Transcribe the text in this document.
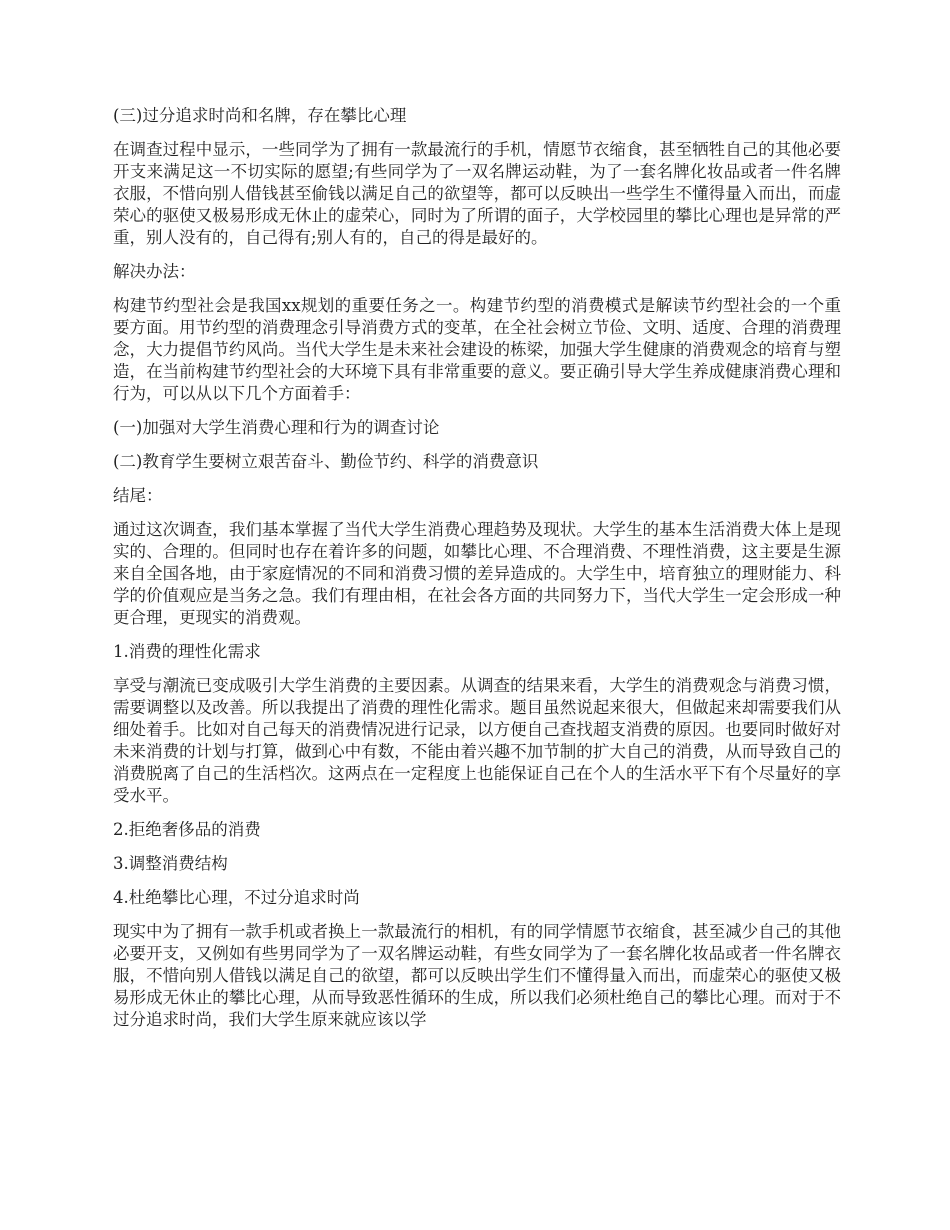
(三)过分追求时尚和名牌，存在攀比心理

在调查过程中显示，一些同学为了拥有一款最流行的手机，情愿节衣缩食，甚至牺牲自己的其他必要开支来满足这一不切实际的愿望;有些同学为了一双名牌运动鞋，为了一套名牌化妆品或者一件名牌衣服，不惜向别人借钱甚至偷钱以满足自己的欲望等，都可以反映出一些学生不懂得量入而出，而虚荣心的驱使又极易形成无休止的虚荣心，同时为了所谓的面子，大学校园里的攀比心理也是异常的严重，别人没有的，自己得有;别人有的，自己的得是最好的。

解决办法：

构建节约型社会是我国xx规划的重要任务之一。构建节约型的消费模式是解读节约型社会的一个重要方面。用节约型的消费理念引导消费方式的变革，在全社会树立节俭、文明、适度、合理的消费理念，大力提倡节约风尚。当代大学生是未来社会建设的栋梁，加强大学生健康的消费观念的培育与塑造，在当前构建节约型社会的大环境下具有非常重要的意义。要正确引导大学生养成健康消费心理和行为，可以从以下几个方面着手：

(一)加强对大学生消费心理和行为的调查讨论

(二)教育学生要树立艰苦奋斗、勤俭节约、科学的消费意识

结尾：

通过这次调查，我们基本掌握了当代大学生消费心理趋势及现状。大学生的基本生活消费大体上是现实的、合理的。但同时也存在着许多的问题，如攀比心理、不合理消费、不理性消费，这主要是生源来自全国各地，由于家庭情况的不同和消费习惯的差异造成的。大学生中，培育独立的理财能力、科学的价值观应是当务之急。我们有理由相，在社会各方面的共同努力下，当代大学生一定会形成一种更合理，更现实的消费观。

1.消费的理性化需求

享受与潮流已变成吸引大学生消费的主要因素。从调查的结果来看，大学生的消费观念与消费习惯，需要调整以及改善。所以我提出了消费的理性化需求。题目虽然说起来很大，但做起来却需要我们从细处着手。比如对自己每天的消费情况进行记录，以方便自己查找超支消费的原因。也要同时做好对未来消费的计划与打算，做到心中有数，不能由着兴趣不加节制的扩大自己的消费，从而导致自己的消费脱离了自己的生活档次。这两点在一定程度上也能保证自己在个人的生活水平下有个尽量好的享受水平。

2.拒绝奢侈品的消费

3.调整消费结构

4.杜绝攀比心理，不过分追求时尚

现实中为了拥有一款手机或者换上一款最流行的相机，有的同学情愿节衣缩食，甚至减少自己的其他必要开支，又例如有些男同学为了一双名牌运动鞋，有些女同学为了一套名牌化妆品或者一件名牌衣服，不惜向别人借钱以满足自己的欲望，都可以反映出学生们不懂得量入而出，而虚荣心的驱使又极易形成无休止的攀比心理，从而导致恶性循环的生成，所以我们必须杜绝自己的攀比心理。而对于不过分追求时尚，我们大学生原来就应该以学
